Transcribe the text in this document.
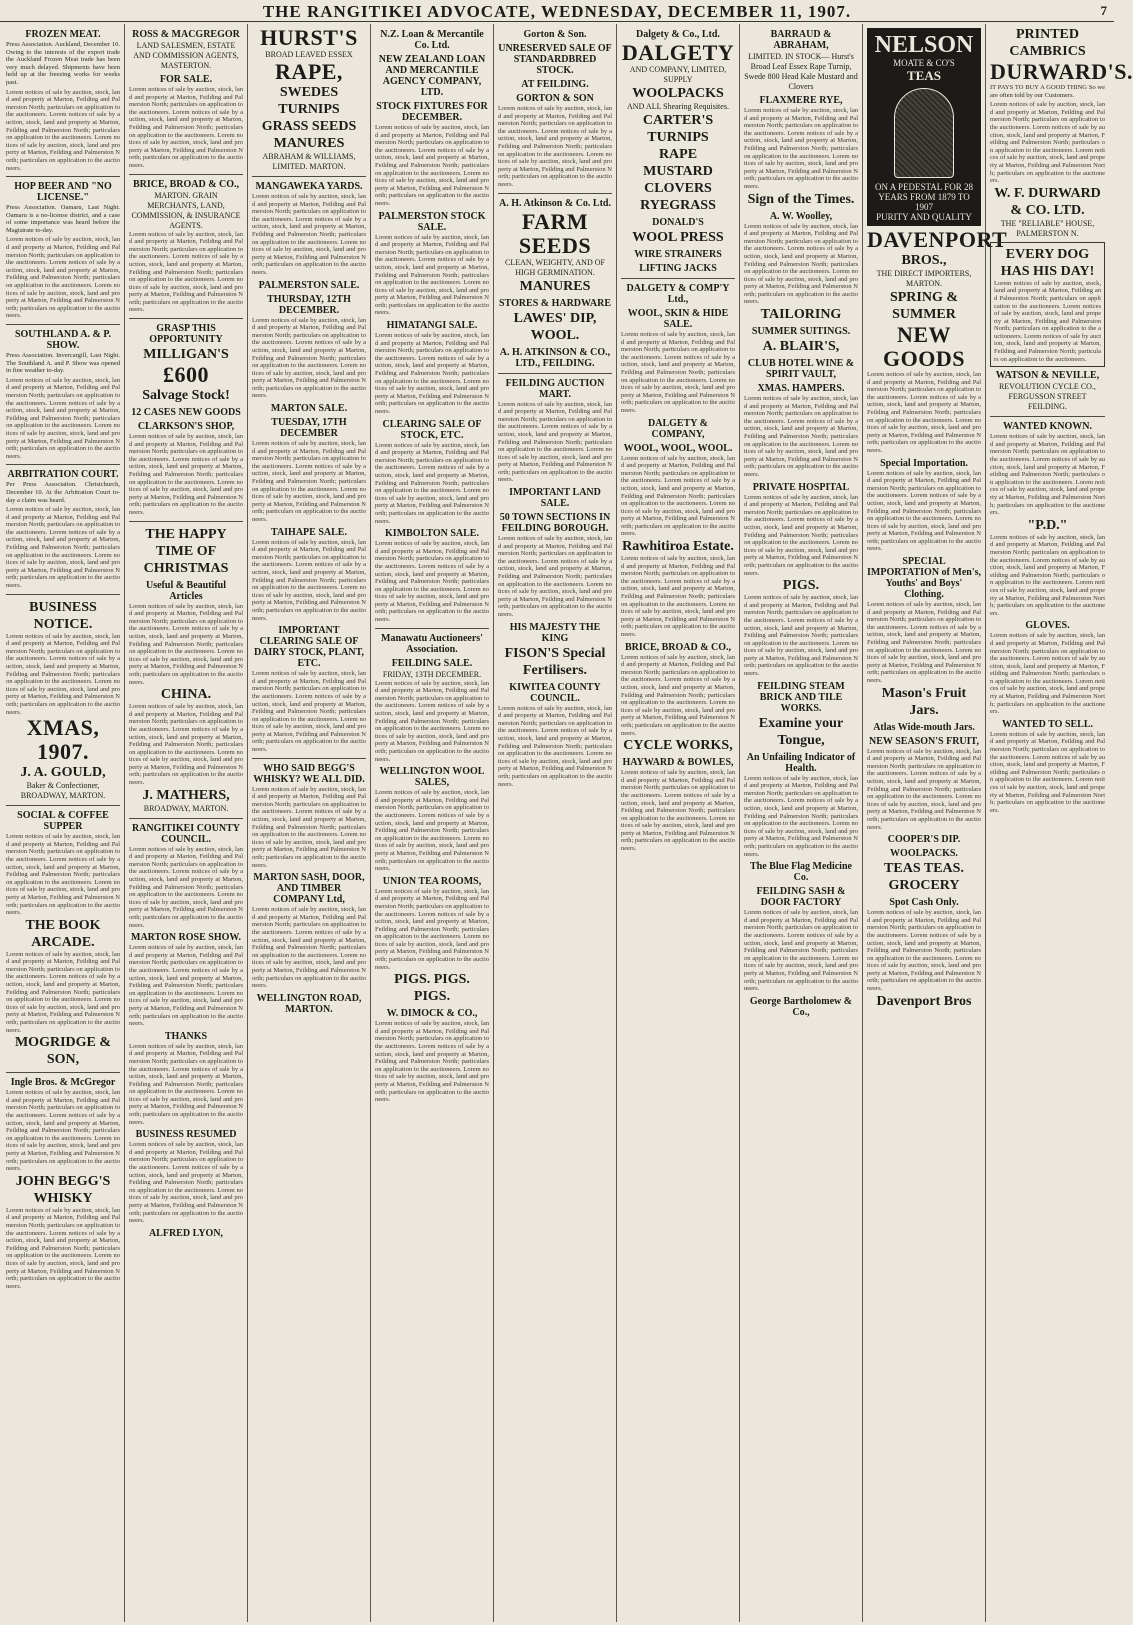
THE RANGITIKEI ADVOCATE, WEDNESDAY, DECEMBER 11, 1907.	7
FROZEN MEAT.
Press Association. Auckland, December 10. Owing to the interests of the export trade the Auckland Frozen Meat trade has been very much delayed. Shipments have been held up at the freezing works for weeks past.
Lorem notices of sale by auction, stock, land and property at Marton, Feilding and Palmerston North; particulars on application to the auctioneers. Lorem notices of sale by auction, stock, land and property at Marton, Feilding and Palmerston North; particulars on application to the auctioneers. Lorem notices of sale by auction, stock, land and property at Marton, Feilding and Palmerston North; particulars on application to the auctioneers.
HOP BEER AND "NO LICENSE."
Press Association. Oamaru, Last Night. Oamaru is a no-license district, and a case of some importance was heard before the Magistrate to-day.
Lorem notices of sale by auction, stock, land and property at Marton, Feilding and Palmerston North; particulars on application to the auctioneers. Lorem notices of sale by auction, stock, land and property at Marton, Feilding and Palmerston North; particulars on application to the auctioneers. Lorem notices of sale by auction, stock, land and property at Marton, Feilding and Palmerston North; particulars on application to the auctioneers.
SOUTHLAND A. & P. SHOW.
Press Association. Invercargill, Last Night. The Southland A. and P. Show was opened in fine weather to-day.
Lorem notices of sale by auction, stock, land and property at Marton, Feilding and Palmerston North; particulars on application to the auctioneers. Lorem notices of sale by auction, stock, land and property at Marton, Feilding and Palmerston North; particulars on application to the auctioneers. Lorem notices of sale by auction, stock, land and property at Marton, Feilding and Palmerston North; particulars on application to the auctioneers.
ARBITRATION COURT.
Per Press Association. Christchurch, December 10. At the Arbitration Court to-day a claim was heard.
Lorem notices of sale by auction, stock, land and property at Marton, Feilding and Palmerston North; particulars on application to the auctioneers. Lorem notices of sale by auction, stock, land and property at Marton, Feilding and Palmerston North; particulars on application to the auctioneers. Lorem notices of sale by auction, stock, land and property at Marton, Feilding and Palmerston North; particulars on application to the auctioneers.
BUSINESS NOTICE.
Lorem notices of sale by auction, stock, land and property at Marton, Feilding and Palmerston North; particulars on application to the auctioneers. Lorem notices of sale by auction, stock, land and property at Marton, Feilding and Palmerston North; particulars on application to the auctioneers. Lorem notices of sale by auction, stock, land and property at Marton, Feilding and Palmerston North; particulars on application to the auctioneers.
XMAS, 1907.
J. A. GOULD,
Baker & Confectioner, BROADWAY, MARTON.
SOCIAL & COFFEE SUPPER
Lorem notices of sale by auction, stock, land and property at Marton, Feilding and Palmerston North; particulars on application to the auctioneers. Lorem notices of sale by auction, stock, land and property at Marton, Feilding and Palmerston North; particulars on application to the auctioneers. Lorem notices of sale by auction, stock, land and property at Marton, Feilding and Palmerston North; particulars on application to the auctioneers.
THE BOOK ARCADE.
Lorem notices of sale by auction, stock, land and property at Marton, Feilding and Palmerston North; particulars on application to the auctioneers. Lorem notices of sale by auction, stock, land and property at Marton, Feilding and Palmerston North; particulars on application to the auctioneers. Lorem notices of sale by auction, stock, land and property at Marton, Feilding and Palmerston North; particulars on application to the auctioneers.
MOGRIDGE & SON,
Ingle Bros. & McGregor
Lorem notices of sale by auction, stock, land and property at Marton, Feilding and Palmerston North; particulars on application to the auctioneers. Lorem notices of sale by auction, stock, land and property at Marton, Feilding and Palmerston North; particulars on application to the auctioneers. Lorem notices of sale by auction, stock, land and property at Marton, Feilding and Palmerston North; particulars on application to the auctioneers.
JOHN BEGG'S WHISKY
Lorem notices of sale by auction, stock, land and property at Marton, Feilding and Palmerston North; particulars on application to the auctioneers. Lorem notices of sale by auction, stock, land and property at Marton, Feilding and Palmerston North; particulars on application to the auctioneers. Lorem notices of sale by auction, stock, land and property at Marton, Feilding and Palmerston North; particulars on application to the auctioneers.
ROSS & MACGREGOR
LAND SALESMEN, ESTATE AND COMMISSION AGENTS, MASTERTON.
FOR SALE.
Lorem notices of sale by auction, stock, land and property at Marton, Feilding and Palmerston North; particulars on application to the auctioneers. Lorem notices of sale by auction, stock, land and property at Marton, Feilding and Palmerston North; particulars on application to the auctioneers. Lorem notices of sale by auction, stock, land and property at Marton, Feilding and Palmerston North; particulars on application to the auctioneers.
BRICE, BROAD & CO.,
MARTON. GRAIN MERCHANTS, LAND, COMMISSION, & INSURANCE AGENTS.
Lorem notices of sale by auction, stock, land and property at Marton, Feilding and Palmerston North; particulars on application to the auctioneers. Lorem notices of sale by auction, stock, land and property at Marton, Feilding and Palmerston North; particulars on application to the auctioneers. Lorem notices of sale by auction, stock, land and property at Marton, Feilding and Palmerston North; particulars on application to the auctioneers.
GRASP THIS OPPORTUNITY
MILLIGAN'S
£600
Salvage Stock!
12 CASES NEW GOODS
CLARKSON'S SHOP,
Lorem notices of sale by auction, stock, land and property at Marton, Feilding and Palmerston North; particulars on application to the auctioneers. Lorem notices of sale by auction, stock, land and property at Marton, Feilding and Palmerston North; particulars on application to the auctioneers. Lorem notices of sale by auction, stock, land and property at Marton, Feilding and Palmerston North; particulars on application to the auctioneers.
THE HAPPY TIME OF CHRISTMAS
Useful & Beautiful Articles
Lorem notices of sale by auction, stock, land and property at Marton, Feilding and Palmerston North; particulars on application to the auctioneers. Lorem notices of sale by auction, stock, land and property at Marton, Feilding and Palmerston North; particulars on application to the auctioneers. Lorem notices of sale by auction, stock, land and property at Marton, Feilding and Palmerston North; particulars on application to the auctioneers.
CHINA.
Lorem notices of sale by auction, stock, land and property at Marton, Feilding and Palmerston North; particulars on application to the auctioneers. Lorem notices of sale by auction, stock, land and property at Marton, Feilding and Palmerston North; particulars on application to the auctioneers. Lorem notices of sale by auction, stock, land and property at Marton, Feilding and Palmerston North; particulars on application to the auctioneers.
J. MATHERS,
BROADWAY, MARTON.
RANGITIKEI COUNTY COUNCIL.
Lorem notices of sale by auction, stock, land and property at Marton, Feilding and Palmerston North; particulars on application to the auctioneers. Lorem notices of sale by auction, stock, land and property at Marton, Feilding and Palmerston North; particulars on application to the auctioneers. Lorem notices of sale by auction, stock, land and property at Marton, Feilding and Palmerston North; particulars on application to the auctioneers.
MARTON ROSE SHOW.
Lorem notices of sale by auction, stock, land and property at Marton, Feilding and Palmerston North; particulars on application to the auctioneers. Lorem notices of sale by auction, stock, land and property at Marton, Feilding and Palmerston North; particulars on application to the auctioneers. Lorem notices of sale by auction, stock, land and property at Marton, Feilding and Palmerston North; particulars on application to the auctioneers.
THANKS
Lorem notices of sale by auction, stock, land and property at Marton, Feilding and Palmerston North; particulars on application to the auctioneers. Lorem notices of sale by auction, stock, land and property at Marton, Feilding and Palmerston North; particulars on application to the auctioneers. Lorem notices of sale by auction, stock, land and property at Marton, Feilding and Palmerston North; particulars on application to the auctioneers.
BUSINESS RESUMED
Lorem notices of sale by auction, stock, land and property at Marton, Feilding and Palmerston North; particulars on application to the auctioneers. Lorem notices of sale by auction, stock, land and property at Marton, Feilding and Palmerston North; particulars on application to the auctioneers. Lorem notices of sale by auction, stock, land and property at Marton, Feilding and Palmerston North; particulars on application to the auctioneers.
ALFRED LYON,
HURST'S
BROAD LEAVED ESSEX
RAPE,
SWEDES
TURNIPS
GRASS SEEDS
MANURES
ABRAHAM & WILLIAMS, LIMITED. MARTON.
MANGAWEKA YARDS.
Lorem notices of sale by auction, stock, land and property at Marton, Feilding and Palmerston North; particulars on application to the auctioneers. Lorem notices of sale by auction, stock, land and property at Marton, Feilding and Palmerston North; particulars on application to the auctioneers. Lorem notices of sale by auction, stock, land and property at Marton, Feilding and Palmerston North; particulars on application to the auctioneers.
PALMERSTON SALE.
THURSDAY, 12TH DECEMBER.
Lorem notices of sale by auction, stock, land and property at Marton, Feilding and Palmerston North; particulars on application to the auctioneers. Lorem notices of sale by auction, stock, land and property at Marton, Feilding and Palmerston North; particulars on application to the auctioneers. Lorem notices of sale by auction, stock, land and property at Marton, Feilding and Palmerston North; particulars on application to the auctioneers.
MARTON SALE.
TUESDAY, 17TH DECEMBER
Lorem notices of sale by auction, stock, land and property at Marton, Feilding and Palmerston North; particulars on application to the auctioneers. Lorem notices of sale by auction, stock, land and property at Marton, Feilding and Palmerston North; particulars on application to the auctioneers. Lorem notices of sale by auction, stock, land and property at Marton, Feilding and Palmerston North; particulars on application to the auctioneers.
TAIHAPE SALE.
Lorem notices of sale by auction, stock, land and property at Marton, Feilding and Palmerston North; particulars on application to the auctioneers. Lorem notices of sale by auction, stock, land and property at Marton, Feilding and Palmerston North; particulars on application to the auctioneers. Lorem notices of sale by auction, stock, land and property at Marton, Feilding and Palmerston North; particulars on application to the auctioneers.
IMPORTANT CLEARING SALE OF DAIRY STOCK, PLANT, ETC.
Lorem notices of sale by auction, stock, land and property at Marton, Feilding and Palmerston North; particulars on application to the auctioneers. Lorem notices of sale by auction, stock, land and property at Marton, Feilding and Palmerston North; particulars on application to the auctioneers. Lorem notices of sale by auction, stock, land and property at Marton, Feilding and Palmerston North; particulars on application to the auctioneers.
WHO SAID BEGG'S WHISKY? WE ALL DID.
Lorem notices of sale by auction, stock, land and property at Marton, Feilding and Palmerston North; particulars on application to the auctioneers. Lorem notices of sale by auction, stock, land and property at Marton, Feilding and Palmerston North; particulars on application to the auctioneers. Lorem notices of sale by auction, stock, land and property at Marton, Feilding and Palmerston North; particulars on application to the auctioneers.
MARTON SASH, DOOR, AND TIMBER COMPANY Ltd,
Lorem notices of sale by auction, stock, land and property at Marton, Feilding and Palmerston North; particulars on application to the auctioneers. Lorem notices of sale by auction, stock, land and property at Marton, Feilding and Palmerston North; particulars on application to the auctioneers. Lorem notices of sale by auction, stock, land and property at Marton, Feilding and Palmerston North; particulars on application to the auctioneers.
WELLINGTON ROAD, MARTON.
N.Z. Loan & Mercantile Co. Ltd.
NEW ZEALAND LOAN AND MERCANTILE AGENCY COMPANY, LTD.
STOCK FIXTURES FOR DECEMBER.
Lorem notices of sale by auction, stock, land and property at Marton, Feilding and Palmerston North; particulars on application to the auctioneers. Lorem notices of sale by auction, stock, land and property at Marton, Feilding and Palmerston North; particulars on application to the auctioneers. Lorem notices of sale by auction, stock, land and property at Marton, Feilding and Palmerston North; particulars on application to the auctioneers.
PALMERSTON STOCK SALE.
Lorem notices of sale by auction, stock, land and property at Marton, Feilding and Palmerston North; particulars on application to the auctioneers. Lorem notices of sale by auction, stock, land and property at Marton, Feilding and Palmerston North; particulars on application to the auctioneers. Lorem notices of sale by auction, stock, land and property at Marton, Feilding and Palmerston North; particulars on application to the auctioneers.
HIMATANGI SALE.
Lorem notices of sale by auction, stock, land and property at Marton, Feilding and Palmerston North; particulars on application to the auctioneers. Lorem notices of sale by auction, stock, land and property at Marton, Feilding and Palmerston North; particulars on application to the auctioneers. Lorem notices of sale by auction, stock, land and property at Marton, Feilding and Palmerston North; particulars on application to the auctioneers.
CLEARING SALE OF STOCK, ETC.
Lorem notices of sale by auction, stock, land and property at Marton, Feilding and Palmerston North; particulars on application to the auctioneers. Lorem notices of sale by auction, stock, land and property at Marton, Feilding and Palmerston North; particulars on application to the auctioneers. Lorem notices of sale by auction, stock, land and property at Marton, Feilding and Palmerston North; particulars on application to the auctioneers.
KIMBOLTON SALE.
Lorem notices of sale by auction, stock, land and property at Marton, Feilding and Palmerston North; particulars on application to the auctioneers. Lorem notices of sale by auction, stock, land and property at Marton, Feilding and Palmerston North; particulars on application to the auctioneers. Lorem notices of sale by auction, stock, land and property at Marton, Feilding and Palmerston North; particulars on application to the auctioneers.
Manawatu Auctioneers' Association.
FEILDING SALE.
FRIDAY, 13TH DECEMBER.
Lorem notices of sale by auction, stock, land and property at Marton, Feilding and Palmerston North; particulars on application to the auctioneers. Lorem notices of sale by auction, stock, land and property at Marton, Feilding and Palmerston North; particulars on application to the auctioneers. Lorem notices of sale by auction, stock, land and property at Marton, Feilding and Palmerston North; particulars on application to the auctioneers.
WELLINGTON WOOL SALES,
Lorem notices of sale by auction, stock, land and property at Marton, Feilding and Palmerston North; particulars on application to the auctioneers. Lorem notices of sale by auction, stock, land and property at Marton, Feilding and Palmerston North; particulars on application to the auctioneers. Lorem notices of sale by auction, stock, land and property at Marton, Feilding and Palmerston North; particulars on application to the auctioneers.
UNION TEA ROOMS,
Lorem notices of sale by auction, stock, land and property at Marton, Feilding and Palmerston North; particulars on application to the auctioneers. Lorem notices of sale by auction, stock, land and property at Marton, Feilding and Palmerston North; particulars on application to the auctioneers. Lorem notices of sale by auction, stock, land and property at Marton, Feilding and Palmerston North; particulars on application to the auctioneers.
PIGS. PIGS. PIGS.
W. DIMOCK & CO.,
Lorem notices of sale by auction, stock, land and property at Marton, Feilding and Palmerston North; particulars on application to the auctioneers. Lorem notices of sale by auction, stock, land and property at Marton, Feilding and Palmerston North; particulars on application to the auctioneers. Lorem notices of sale by auction, stock, land and property at Marton, Feilding and Palmerston North; particulars on application to the auctioneers.
Gorton & Son.
UNRESERVED SALE OF STANDARDBRED STOCK.
AT FEILDING.
GORTON & SON
Lorem notices of sale by auction, stock, land and property at Marton, Feilding and Palmerston North; particulars on application to the auctioneers. Lorem notices of sale by auction, stock, land and property at Marton, Feilding and Palmerston North; particulars on application to the auctioneers. Lorem notices of sale by auction, stock, land and property at Marton, Feilding and Palmerston North; particulars on application to the auctioneers.
A. H. Atkinson & Co. Ltd.
FARM SEEDS
CLEAN, WEIGHTY, AND OF HIGH GERMINATION.
MANURES
STORES & HARDWARE
LAWES' DIP,
WOOL.
A. H. ATKINSON & CO., LTD., FEILDING.
FEILDING AUCTION MART.
Lorem notices of sale by auction, stock, land and property at Marton, Feilding and Palmerston North; particulars on application to the auctioneers. Lorem notices of sale by auction, stock, land and property at Marton, Feilding and Palmerston North; particulars on application to the auctioneers. Lorem notices of sale by auction, stock, land and property at Marton, Feilding and Palmerston North; particulars on application to the auctioneers.
IMPORTANT LAND SALE.
50 TOWN SECTIONS IN FEILDING BOROUGH.
Lorem notices of sale by auction, stock, land and property at Marton, Feilding and Palmerston North; particulars on application to the auctioneers. Lorem notices of sale by auction, stock, land and property at Marton, Feilding and Palmerston North; particulars on application to the auctioneers. Lorem notices of sale by auction, stock, land and property at Marton, Feilding and Palmerston North; particulars on application to the auctioneers.
HIS MAJESTY THE KING
FISON'S Special Fertilisers.
KIWITEA COUNTY COUNCIL.
Lorem notices of sale by auction, stock, land and property at Marton, Feilding and Palmerston North; particulars on application to the auctioneers. Lorem notices of sale by auction, stock, land and property at Marton, Feilding and Palmerston North; particulars on application to the auctioneers. Lorem notices of sale by auction, stock, land and property at Marton, Feilding and Palmerston North; particulars on application to the auctioneers.
Dalgety & Co., Ltd.
DALGETY
AND COMPANY, LIMITED, SUPPLY
WOOLPACKS
AND ALL Shearing Requisites.
CARTER'S
TURNIPS
RAPE
MUSTARD
CLOVERS
RYEGRASS
DONALD'S
WOOL PRESS
WIRE STRAINERS
LIFTING JACKS
DALGETY & COMP'Y Ltd.,
WOOL, SKIN & HIDE SALE.
Lorem notices of sale by auction, stock, land and property at Marton, Feilding and Palmerston North; particulars on application to the auctioneers. Lorem notices of sale by auction, stock, land and property at Marton, Feilding and Palmerston North; particulars on application to the auctioneers. Lorem notices of sale by auction, stock, land and property at Marton, Feilding and Palmerston North; particulars on application to the auctioneers.
DALGETY & COMPANY,
WOOL, WOOL, WOOL.
Lorem notices of sale by auction, stock, land and property at Marton, Feilding and Palmerston North; particulars on application to the auctioneers. Lorem notices of sale by auction, stock, land and property at Marton, Feilding and Palmerston North; particulars on application to the auctioneers. Lorem notices of sale by auction, stock, land and property at Marton, Feilding and Palmerston North; particulars on application to the auctioneers.
Rawhitiroa Estate.
Lorem notices of sale by auction, stock, land and property at Marton, Feilding and Palmerston North; particulars on application to the auctioneers. Lorem notices of sale by auction, stock, land and property at Marton, Feilding and Palmerston North; particulars on application to the auctioneers. Lorem notices of sale by auction, stock, land and property at Marton, Feilding and Palmerston North; particulars on application to the auctioneers.
BRICE, BROAD & CO.,
Lorem notices of sale by auction, stock, land and property at Marton, Feilding and Palmerston North; particulars on application to the auctioneers. Lorem notices of sale by auction, stock, land and property at Marton, Feilding and Palmerston North; particulars on application to the auctioneers. Lorem notices of sale by auction, stock, land and property at Marton, Feilding and Palmerston North; particulars on application to the auctioneers.
CYCLE WORKS,
HAYWARD & BOWLES,
Lorem notices of sale by auction, stock, land and property at Marton, Feilding and Palmerston North; particulars on application to the auctioneers. Lorem notices of sale by auction, stock, land and property at Marton, Feilding and Palmerston North; particulars on application to the auctioneers. Lorem notices of sale by auction, stock, land and property at Marton, Feilding and Palmerston North; particulars on application to the auctioneers.
BARRAUD & ABRAHAM,
LIMITED. IN STOCK— Hurst's Broad Leaf Essex Rape Turnip, Swede 800 Head Kale Mustard and Clovers
FLAXMERE RYE,
Lorem notices of sale by auction, stock, land and property at Marton, Feilding and Palmerston North; particulars on application to the auctioneers. Lorem notices of sale by auction, stock, land and property at Marton, Feilding and Palmerston North; particulars on application to the auctioneers. Lorem notices of sale by auction, stock, land and property at Marton, Feilding and Palmerston North; particulars on application to the auctioneers.
Sign of the Times.
A. W. Woolley,
Lorem notices of sale by auction, stock, land and property at Marton, Feilding and Palmerston North; particulars on application to the auctioneers. Lorem notices of sale by auction, stock, land and property at Marton, Feilding and Palmerston North; particulars on application to the auctioneers. Lorem notices of sale by auction, stock, land and property at Marton, Feilding and Palmerston North; particulars on application to the auctioneers.
TAILORING
SUMMER SUITINGS.
A. BLAIR'S,
CLUB HOTEL WINE & SPIRIT VAULT,
XMAS. HAMPERS.
Lorem notices of sale by auction, stock, land and property at Marton, Feilding and Palmerston North; particulars on application to the auctioneers. Lorem notices of sale by auction, stock, land and property at Marton, Feilding and Palmerston North; particulars on application to the auctioneers. Lorem notices of sale by auction, stock, land and property at Marton, Feilding and Palmerston North; particulars on application to the auctioneers.
PRIVATE HOSPITAL
Lorem notices of sale by auction, stock, land and property at Marton, Feilding and Palmerston North; particulars on application to the auctioneers. Lorem notices of sale by auction, stock, land and property at Marton, Feilding and Palmerston North; particulars on application to the auctioneers. Lorem notices of sale by auction, stock, land and property at Marton, Feilding and Palmerston North; particulars on application to the auctioneers.
PIGS.
Lorem notices of sale by auction, stock, land and property at Marton, Feilding and Palmerston North; particulars on application to the auctioneers. Lorem notices of sale by auction, stock, land and property at Marton, Feilding and Palmerston North; particulars on application to the auctioneers. Lorem notices of sale by auction, stock, land and property at Marton, Feilding and Palmerston North; particulars on application to the auctioneers.
FEILDING STEAM BRICK AND TILE WORKS.
Examine your Tongue,
An Unfailing Indicator of Health.
Lorem notices of sale by auction, stock, land and property at Marton, Feilding and Palmerston North; particulars on application to the auctioneers. Lorem notices of sale by auction, stock, land and property at Marton, Feilding and Palmerston North; particulars on application to the auctioneers. Lorem notices of sale by auction, stock, land and property at Marton, Feilding and Palmerston North; particulars on application to the auctioneers.
The Blue Flag Medicine Co.
FEILDING SASH & DOOR FACTORY
Lorem notices of sale by auction, stock, land and property at Marton, Feilding and Palmerston North; particulars on application to the auctioneers. Lorem notices of sale by auction, stock, land and property at Marton, Feilding and Palmerston North; particulars on application to the auctioneers. Lorem notices of sale by auction, stock, land and property at Marton, Feilding and Palmerston North; particulars on application to the auctioneers.
George Bartholomew & Co.,
NELSON
MOATE & CO'S
TEAS
ON A PEDESTAL FOR 28 YEARS FROM 1879 TO 1907
PURITY AND QUALITY
DAVENPORT
BROS.,
THE DIRECT IMPORTERS, MARTON.
SPRING & SUMMER
NEW GOODS
Lorem notices of sale by auction, stock, land and property at Marton, Feilding and Palmerston North; particulars on application to the auctioneers. Lorem notices of sale by auction, stock, land and property at Marton, Feilding and Palmerston North; particulars on application to the auctioneers. Lorem notices of sale by auction, stock, land and property at Marton, Feilding and Palmerston North; particulars on application to the auctioneers.
Special Importation.
Lorem notices of sale by auction, stock, land and property at Marton, Feilding and Palmerston North; particulars on application to the auctioneers. Lorem notices of sale by auction, stock, land and property at Marton, Feilding and Palmerston North; particulars on application to the auctioneers. Lorem notices of sale by auction, stock, land and property at Marton, Feilding and Palmerston North; particulars on application to the auctioneers.
SPECIAL IMPORTATION of Men's, Youths' and Boys' Clothing.
Lorem notices of sale by auction, stock, land and property at Marton, Feilding and Palmerston North; particulars on application to the auctioneers. Lorem notices of sale by auction, stock, land and property at Marton, Feilding and Palmerston North; particulars on application to the auctioneers. Lorem notices of sale by auction, stock, land and property at Marton, Feilding and Palmerston North; particulars on application to the auctioneers.
Mason's Fruit Jars.
Atlas Wide-mouth Jars.
NEW SEASON'S FRUIT,
Lorem notices of sale by auction, stock, land and property at Marton, Feilding and Palmerston North; particulars on application to the auctioneers. Lorem notices of sale by auction, stock, land and property at Marton, Feilding and Palmerston North; particulars on application to the auctioneers. Lorem notices of sale by auction, stock, land and property at Marton, Feilding and Palmerston North; particulars on application to the auctioneers.
COOPER'S DIP.
WOOLPACKS.
TEAS TEAS.
GROCERY
Spot Cash Only.
Lorem notices of sale by auction, stock, land and property at Marton, Feilding and Palmerston North; particulars on application to the auctioneers. Lorem notices of sale by auction, stock, land and property at Marton, Feilding and Palmerston North; particulars on application to the auctioneers. Lorem notices of sale by auction, stock, land and property at Marton, Feilding and Palmerston North; particulars on application to the auctioneers.
Davenport Bros
PRINTED CAMBRICS
DURWARD'S.
IT PAYS TO BUY A GOOD THING So we are often told by our Customers.
Lorem notices of sale by auction, stock, land and property at Marton, Feilding and Palmerston North; particulars on application to the auctioneers. Lorem notices of sale by auction, stock, land and property at Marton, Feilding and Palmerston North; particulars on application to the auctioneers. Lorem notices of sale by auction, stock, land and property at Marton, Feilding and Palmerston North; particulars on application to the auctioneers.
W. F. DURWARD & CO. LTD.
THE "RELIABLE" HOUSE, PALMERSTON N.
EVERY DOG HAS HIS DAY!
Lorem notices of sale by auction, stock, land and property at Marton, Feilding and Palmerston North; particulars on application to the auctioneers. Lorem notices of sale by auction, stock, land and property at Marton, Feilding and Palmerston North; particulars on application to the auctioneers. Lorem notices of sale by auction, stock, land and property at Marton, Feilding and Palmerston North; particulars on application to the auctioneers.
WATSON & NEVILLE,
REVOLUTION CYCLE CO., FERGUSSON STREET FEILDING.
WANTED KNOWN.
Lorem notices of sale by auction, stock, land and property at Marton, Feilding and Palmerston North; particulars on application to the auctioneers. Lorem notices of sale by auction, stock, land and property at Marton, Feilding and Palmerston North; particulars on application to the auctioneers. Lorem notices of sale by auction, stock, land and property at Marton, Feilding and Palmerston North; particulars on application to the auctioneers.
"P.D."
Lorem notices of sale by auction, stock, land and property at Marton, Feilding and Palmerston North; particulars on application to the auctioneers. Lorem notices of sale by auction, stock, land and property at Marton, Feilding and Palmerston North; particulars on application to the auctioneers. Lorem notices of sale by auction, stock, land and property at Marton, Feilding and Palmerston North; particulars on application to the auctioneers.
GLOVES.
Lorem notices of sale by auction, stock, land and property at Marton, Feilding and Palmerston North; particulars on application to the auctioneers. Lorem notices of sale by auction, stock, land and property at Marton, Feilding and Palmerston North; particulars on application to the auctioneers. Lorem notices of sale by auction, stock, land and property at Marton, Feilding and Palmerston North; particulars on application to the auctioneers.
WANTED TO SELL.
Lorem notices of sale by auction, stock, land and property at Marton, Feilding and Palmerston North; particulars on application to the auctioneers. Lorem notices of sale by auction, stock, land and property at Marton, Feilding and Palmerston North; particulars on application to the auctioneers. Lorem notices of sale by auction, stock, land and property at Marton, Feilding and Palmerston North; particulars on application to the auctioneers.
